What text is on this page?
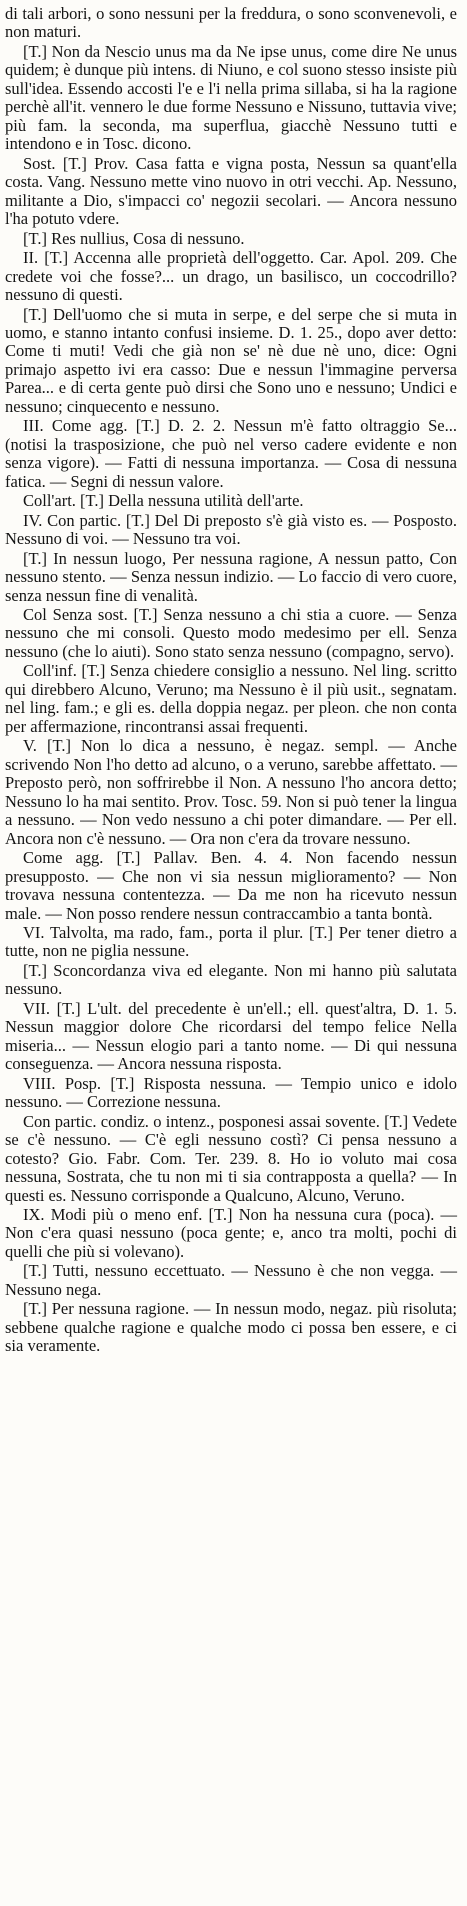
di tali arbori, o sono nessuni per la freddura, o sono sconvenevoli, e non maturi.

[T.] Non da Nescio unus ma da Ne ipse unus, come dire Ne unus quidem; è dunque più intens. di Niuno, e col suono stesso insiste più sull'idea. Essendo accosti l'e e l'i nella prima sillaba, si ha la ragione perchè all'it. vennero le due forme Nessuno e Nissuno, tuttavia vive; più fam. la seconda, ma superflua, giacchè Nessuno tutti e intendono e in Tosc. dicono.

Sost. [T.] Prov. Casa fatta e vigna posta, Nessun sa quant'ella costa. Vang. Nessuno mette vino nuovo in otri vecchi. Ap. Nessuno, militante a Dio, s'impacci co' negozii secolari. — Ancora nessuno l'ha potuto vdere.

[T.] Res nullius, Cosa di nessuno.

II. [T.] Accenna alle proprietà dell'oggetto. Car. Apol. 209. Che credete voi che fosse?... un drago, un basilisco, un coccodrillo? nessuno di questi.

[T.] Dell'uomo che si muta in serpe, e del serpe che si muta in uomo, e stanno intanto confusi insieme. D. 1. 25., dopo aver detto: Come ti muti! Vedi che già non se' nè due nè uno, dice: Ogni primajo aspetto ivi era casso: Due e nessun l'immagine perversa Parea... e di certa gente può dirsi che Sono uno e nessuno; Undici e nessuno; cinquecento e nessuno.

III. Come agg. [T.] D. 2. 2. Nessun m'è fatto oltraggio Se... (notisi la trasposizione, che può nel verso cadere evidente e non senza vigore). — Fatti di nessuna importanza. — Cosa di nessuna fatica. — Segni di nessun valore.

Coll'art. [T.] Della nessuna utilità dell'arte.

IV. Con partic. [T.] Del Di preposto s'è già visto es. — Posposto. Nessuno di voi. — Nessuno tra voi.

[T.] In nessun luogo, Per nessuna ragione, A nessun patto, Con nessuno stento. — Senza nessun indizio. — Lo faccio di vero cuore, senza nessun fine di venalità.

Col Senza sost. [T.] Senza nessuno a chi stia a cuore. — Senza nessuno che mi consoli. Questo modo medesimo per ell. Senza nessuno (che lo aiuti). Sono stato senza nessuno (compagno, servo).

Coll'inf. [T.] Senza chiedere consiglio a nessuno. Nel ling. scritto qui direbbero Alcuno, Veruno; ma Nessuno è il più usit., segnatam. nel ling. fam.; e gli es. della doppia negaz. per pleon. che non conta per affermazione, rincontransi assai frequenti.

V. [T.] Non lo dica a nessuno, è negaz. sempl. — Anche scrivendo Non l'ho detto ad alcuno, o a veruno, sarebbe affettato. — Preposto però, non soffrirebbe il Non. A nessuno l'ho ancora detto; Nessuno lo ha mai sentito. Prov. Tosc. 59. Non si può tener la lingua a nessuno. — Non vedo nessuno a chi poter dimandare. — Per ell. Ancora non c'è nessuno. — Ora non c'era da trovare nessuno.

Come agg. [T.] Pallav. Ben. 4. 4. Non facendo nessun presupposto. — Che non vi sia nessun miglioramento? — Non trovava nessuna contentezza. — Da me non ha ricevuto nessun male. — Non posso rendere nessun contraccambio a tanta bontà.

VI. Talvolta, ma rado, fam., porta il plur. [T.] Per tener dietro a tutte, non ne piglia nessune.

[T.] Sconcordanza viva ed elegante. Non mi hanno più salutata nessuno.

VII. [T.] L'ult. del precedente è un'ell.; ell. quest'altra, D. 1. 5. Nessun maggior dolore Che ricordarsi del tempo felice Nella miseria... — Nessun elogio pari a tanto nome. — Di qui nessuna conseguenza. — Ancora nessuna risposta.

VIII. Posp. [T.] Risposta nessuna. — Tempio unico e idolo nessuno. — Correzione nessuna.

Con partic. condiz. o intenz., posponesi assai sovente. [T.] Vedete se c'è nessuno. — C'è egli nessuno costì? Ci pensa nessuno a cotesto? Gio. Fabr. Com. Ter. 239. 8. Ho io voluto mai cosa nessuna, Sostrata, che tu non mi ti sia contrapposta a quella? — In questi es. Nessuno corrisponde a Qualcuno, Alcuno, Veruno.

IX. Modi più o meno enf. [T.] Non ha nessuna cura (poca). — Non c'era quasi nessuno (poca gente; e, anco tra molti, pochi di quelli che più si volevano).

[T.] Tutti, nessuno eccettuato. — Nessuno è che non vegga. — Nessuno nega.

[T.] Per nessuna ragione. — In nessun modo, negaz. più risoluta; sebbene qualche ragione e qualche modo ci possa ben essere, e ci sia veramente.
